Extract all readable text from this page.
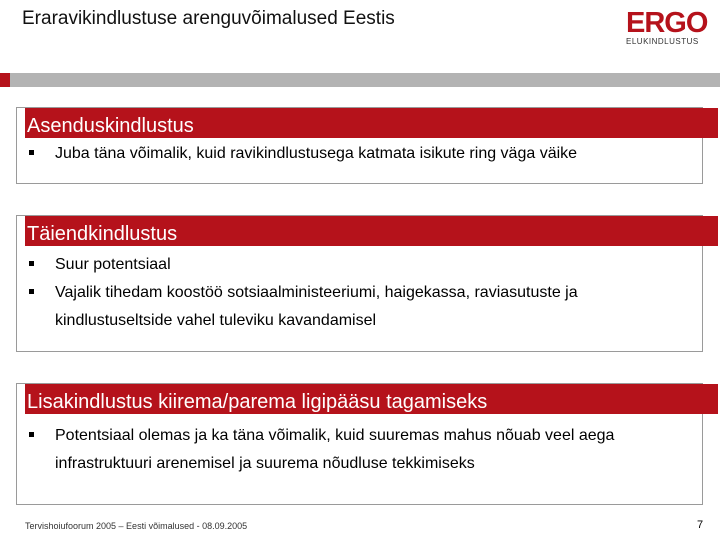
Eraravikindlustuse arenguvõimalused Eestis	ERGO
ELUKINDLUSTUS
Asenduskindlustus
Juba täna võimalik, kuid ravikindlustusega katmata isikute ring väga väike
Täiendkindlustus
Suur potentsiaal
Vajalik tihedam koostöö sotsiaalministeeriumi, haigekassa, raviasutuste ja kindlustuseltside vahel tuleviku kavandamisel
Lisakindlustus kiirema/parema ligipääsu tagamiseks
Potentsiaal olemas ja ka täna võimalik, kuid suuremas mahus nõuab veel aega infrastruktuuri arenemisel ja suurema nõudluse tekkimiseks
Tervishoiufoorum 2005 – Eesti võimalused - 08.09.2005	7
